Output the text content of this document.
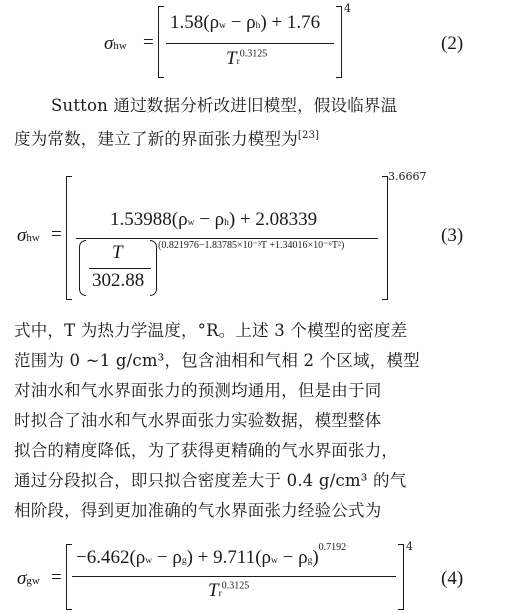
σhw =
1.58(ρw − ρh) + 1.76
$Tr^{0.3125}$
4
(2)
Sutton 通过数据分析改进旧模型，假设临界温
度为常数，建立了新的界面张力模型为[23]
σhw =
1.53988(ρw − ρh) + 2.08339
T
302.88
(0.821976−1.83785×10⁻³T +1.34016×10⁻⁶T²)
3.6667
(3)
式中，T 为热力学温度，°R。上述 3 个模型的密度差
范围为 0 ~1 g/cm³，包含油相和气相 2 个区域，模型
对油水和气水界面张力的预测均通用，但是由于同
时拟合了油水和气水界面张力实验数据，模型整体
拟合的精度降低，为了获得更精确的气水界面张力，
通过分段拟合，即只拟合密度差大于 0.4 g/cm³ 的气
相阶段，得到更加准确的气水界面张力经验公式为
σgw =
$-6.462(\rho w - \rho g) + 9.711(\rho w - \rho g)^{0.7192}$
$Tr^{0.3125}$
4
(4)
